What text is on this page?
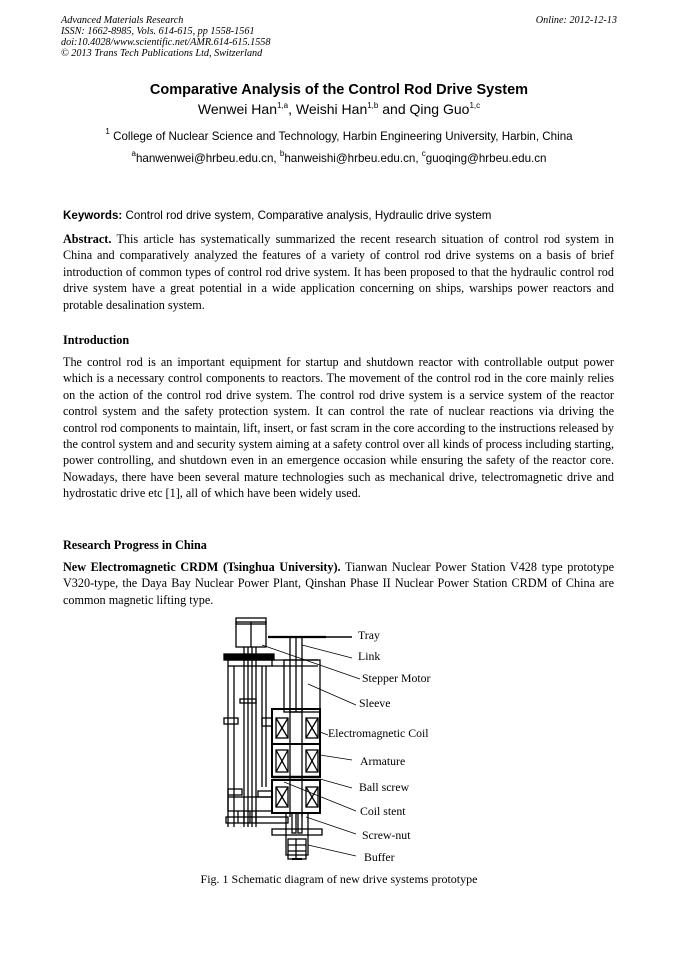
Advanced Materials Research
ISSN: 1662-8985, Vols. 614-615, pp 1558-1561
doi:10.4028/www.scientific.net/AMR.614-615.1558
© 2013 Trans Tech Publications Ltd, Switzerland
Online: 2012-12-13
Comparative Analysis of the Control Rod Drive System
Wenwei Han$^{1,a}$, Weishi Han$^{1,b}$ and Qing Guo$^{1,c}$
$^1$ College of Nuclear Science and Technology, Harbin Engineering University, Harbin, China
$^a$hanwenwei@hrbeu.edu.cn, $^b$hanweishi@hrbeu.edu.cn, $^c$guoqing@hrbeu.edu.cn

Keywords: Control rod drive system, Comparative analysis, Hydraulic drive system
Abstract. This article has systematically summarized the recent research situation of control rod system in China and comparatively analyzed the features of a variety of control rod drive systems on a basis of brief introduction of common types of control rod drive system. It has been proposed to that the hydraulic control rod drive system have a great potential in a wide application concerning on ships, warships power reactors and protable desalination system.
Introduction
The control rod is an important equipment for startup and shutdown reactor with controllable output power which is a necessary control components to reactors. The movement of the control rod in the core mainly relies on the action of the control rod drive system. The control rod drive system is a service system of the reactor control system and the safety protection system. It can control the rate of nuclear reactions via driving the control rod components to maintain, lift, insert, or fast scram in the core according to the instructions released by the control system and and security system aiming at a safety control over all kinds of process including starting, power controlling, and shutdown even in an emergence occasion while ensuring the safety of the reactor core. Nowadays, there have been several mature technologies such as mechanical drive, telectromagnetic drive and hydrostatic drive etc [1], all of which have been widely used.
Research Progress in China
New Electromagnetic CRDM (Tsinghua University). Tianwan Nuclear Power Station V428 type prototype V320-type, the Daya Bay Nuclear Power Plant, Qinshan Phase II Nuclear Power Station CRDM of China are common magnetic lifting type.
Tray
Link
Stepper Motor
Sleeve
Electromagnetic Coil
Armature
Ball screw
Coil stent
Screw-nut
Buffer
Fig. 1 Schematic diagram of new drive systems prototype
